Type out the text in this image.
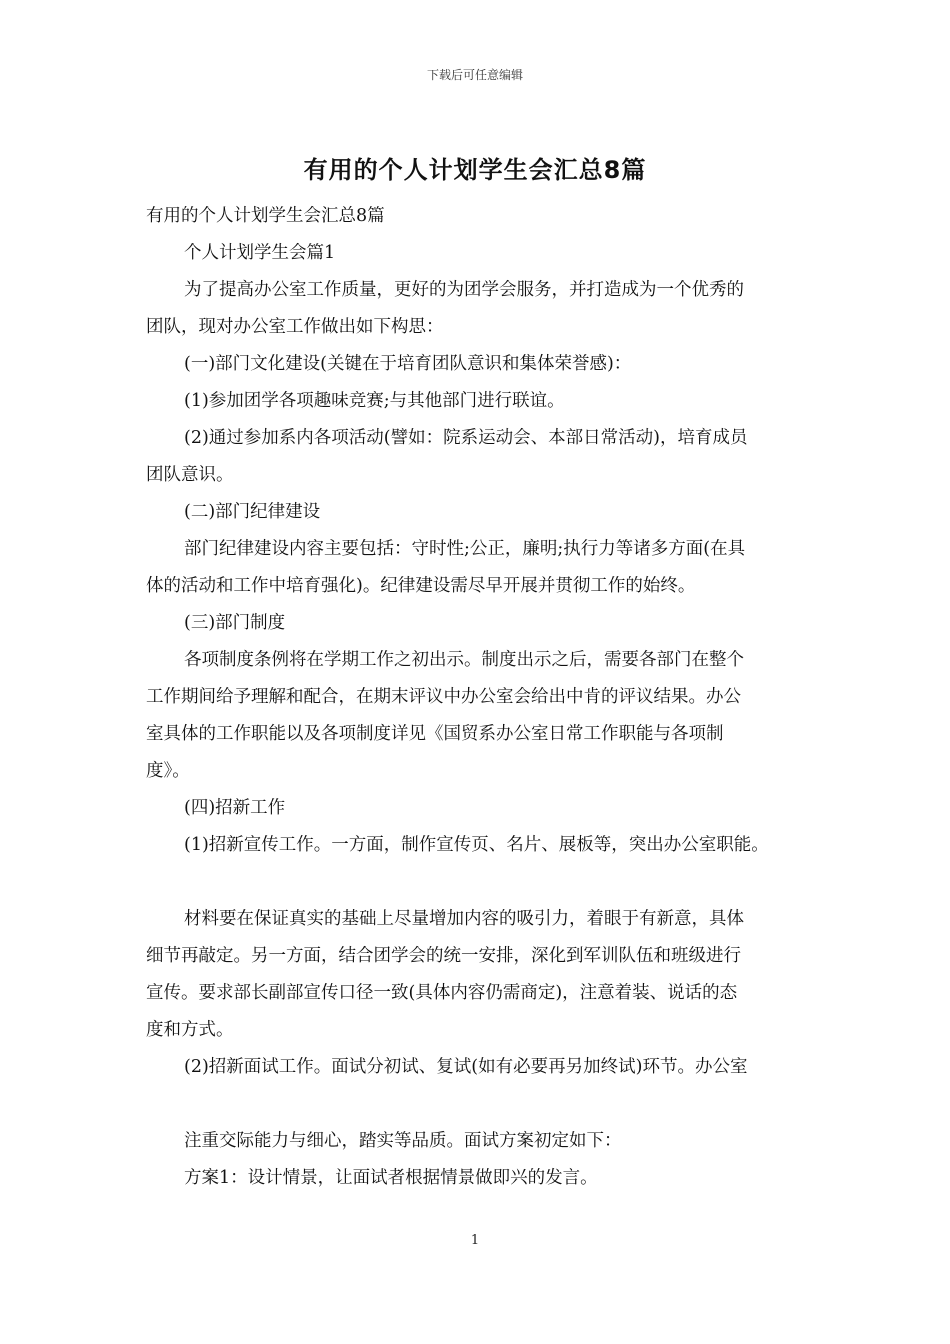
下载后可任意编辑
有用的个人计划学生会汇总8篇

有用的个人计划学生会汇总8篇

个人计划学生会篇1

为了提高办公室工作质量，更好的为团学会服务，并打造成为一个优秀的

团队，现对办公室工作做出如下构思：

(一)部门文化建设(关键在于培育团队意识和集体荣誉感)：

(1)参加团学各项趣味竞赛;与其他部门进行联谊。

(2)通过参加系内各项活动(譬如：院系运动会、本部日常活动)，培育成员

团队意识。

(二)部门纪律建设

部门纪律建设内容主要包括：守时性;公正，廉明;执行力等诸多方面(在具

体的活动和工作中培育强化)。纪律建设需尽早开展并贯彻工作的始终。

(三)部门制度

各项制度条例将在学期工作之初出示。制度出示之后，需要各部门在整个

工作期间给予理解和配合，在期末评议中办公室会给出中肯的评议结果。办公

室具体的工作职能以及各项制度详见《国贸系办公室日常工作职能与各项制

度》。

(四)招新工作

(1)招新宣传工作。一方面，制作宣传页、名片、展板等，突出办公室职能。

材料要在保证真实的基础上尽量增加内容的吸引力，着眼于有新意，具体

细节再敲定。另一方面，结合团学会的统一安排，深化到军训队伍和班级进行

宣传。要求部长副部宣传口径一致(具体内容仍需商定)，注意着装、说话的态

度和方式。

(2)招新面试工作。面试分初试、复试(如有必要再另加终试)环节。办公室

注重交际能力与细心，踏实等品质。面试方案初定如下：

方案1：设计情景，让面试者根据情景做即兴的发言。

1
